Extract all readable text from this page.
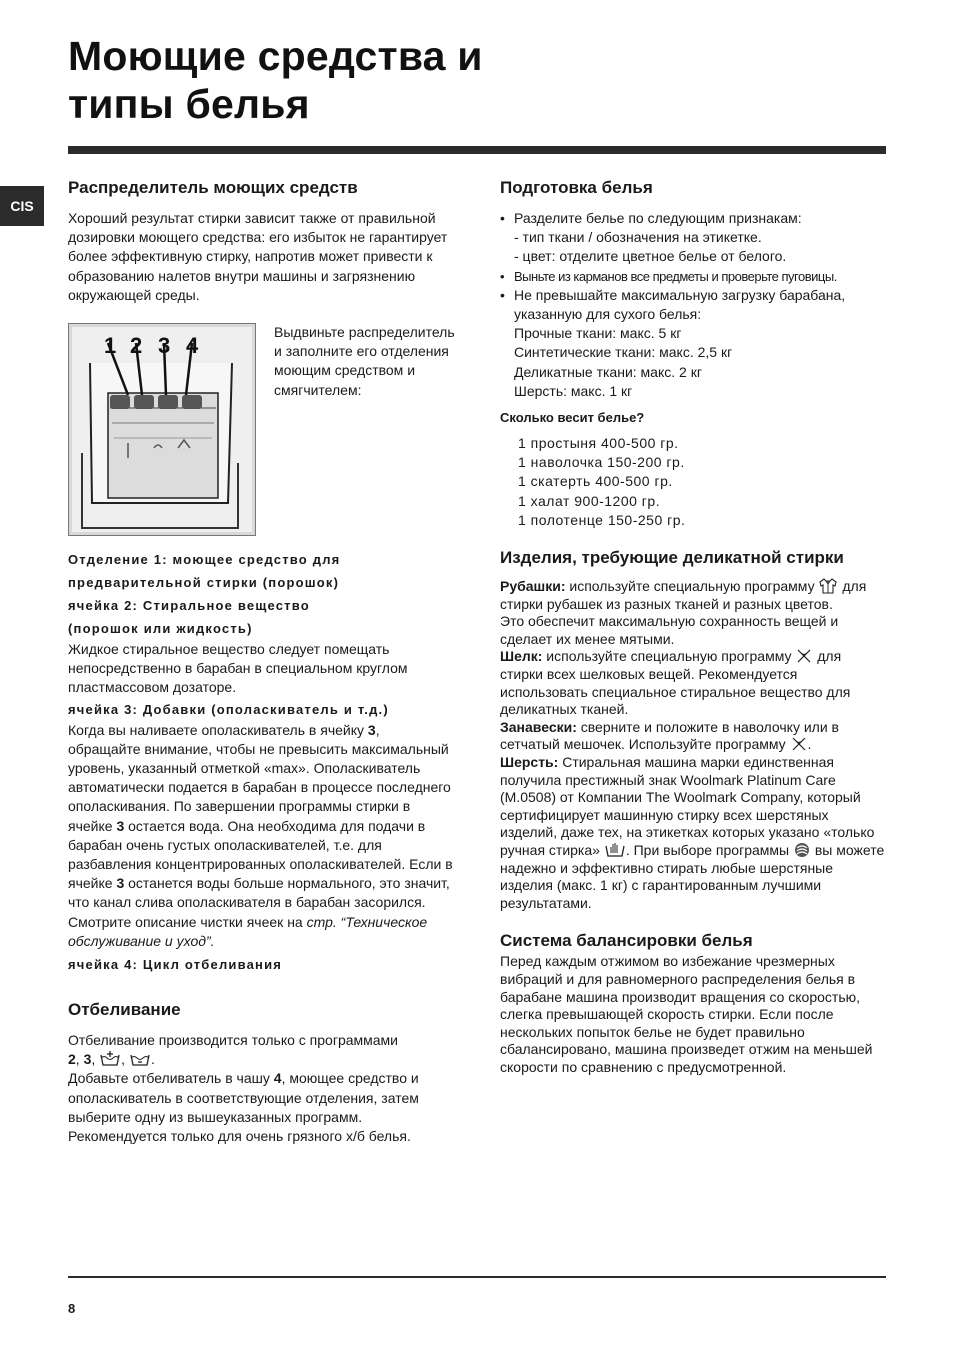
Моющие средства и
типы белья
CIS
Распределитель моющих средств

Хороший результат стирки зависит также от правильной дозировки моющего средства: его избыток не гарантирует более эффективную стирку, напротив может привести к образованию налетов внутри машины и загрязнению окружающей среды.

1 2 3 4

Выдвиньте распределитель и заполните его отделения моющим средством и смягчителем:

Отделение 1: моющее средство для предварительной стирки (порошок)

ячейка 2: Стиральное вещество

(порошок или жидкость)

Жидкое стиральное вещество следует помещать непосредственно в барабан в специальном круглом пластмассовом дозаторе.

ячейка 3: Добавки (ополаскиватель и т.д.)

Когда вы наливаете ополаскиватель в ячейку 3, обращайте внимание, чтобы не превысить максимальный уровень, указанный отметкой «max». Ополаскиватель автоматически подается в барабан в процессе последнего ополаскивания. По завершении программы стирки в ячейке 3 остается вода. Она необходима для подачи в барабан очень густых ополаскивателей, т.е. для разбавления концентрированных ополаскивателей. Если в ячейке 3 останется воды больше нормального, это значит, что канал слива ополаскивателя в барабан засорился. Смотрите описание чистки ячеек на стр. “Техническое обслуживание и уход”.

ячейка 4: Цикл отбеливания

Отбеливание

Отбеливание производится только с программами
2, 3, , .
Добавьте отбеливатель в чашу 4, моющее средство и ополаскиватель в соответствующие отделения, затем выберите одну из вышеуказанных программ. Рекомендуется только для очень грязного х/б белья.

Подготовка белья
• Разделите белье по следующим признакам:
- тип ткани / обозначения на этикетке.
- цвет: отделите цветное белье от белого.
• Выньте из карманов все предметы и проверьте пуговицы.
• Не превышайте максимальную загрузку барабана, указанную для сухого белья:
Прочные ткани: макс. 5 кг
Синтетические ткани: макс. 2,5 кг
Деликатные ткани: макс. 2 кг
Шерсть: макс. 1 кг

Сколько весит белье?

1 простыня 400-500 гр.
1 наволочка 150-200 гр.
1 скатерть 400-500 гр.
1 халат 900-1200 гр.
1 полотенце 150-250 гр.
Изделия, требующие деликатной стирки

Рубашки: используйте специальную программу  для стирки рубашек из разных тканей и разных цветов.

Это обеспечит максимальную сохранность вещей и сделает их менее мятыми.

Шелк: используйте специальную программу  для стирки всех шелковых вещей. Рекомендуется использовать специальное стиральное вещество для деликатных тканей.

Занавески: сверните и положите в наволочку или в сетчатый мешочек. Используйте программу .

Шерсть: Стиральная машина марки единственная получила престижный знак Woolmark Platinum Care (M.0508) от Компании The Woolmark Company, который сертифицирует машинную стирку всех шерстяных изделий, даже тех, на этикетках которых указано «только ручная стирка» . При выборе программы  вы можете надежно и эффективно стирать любые шерстяные изделия (макс. 1 кг) с гарантированным лучшими результатами.

Система балансировки белья

Перед каждым отжимом во избежание чрезмерных вибраций и для равномерного распределения белья в барабане машина производит вращения со скоростью, слегка превышающей скорость стирки. Если после нескольких попыток белье не будет правильно сбалансировано, машина произведет отжим на меньшей скорости по сравнению с предусмотренной.

8
